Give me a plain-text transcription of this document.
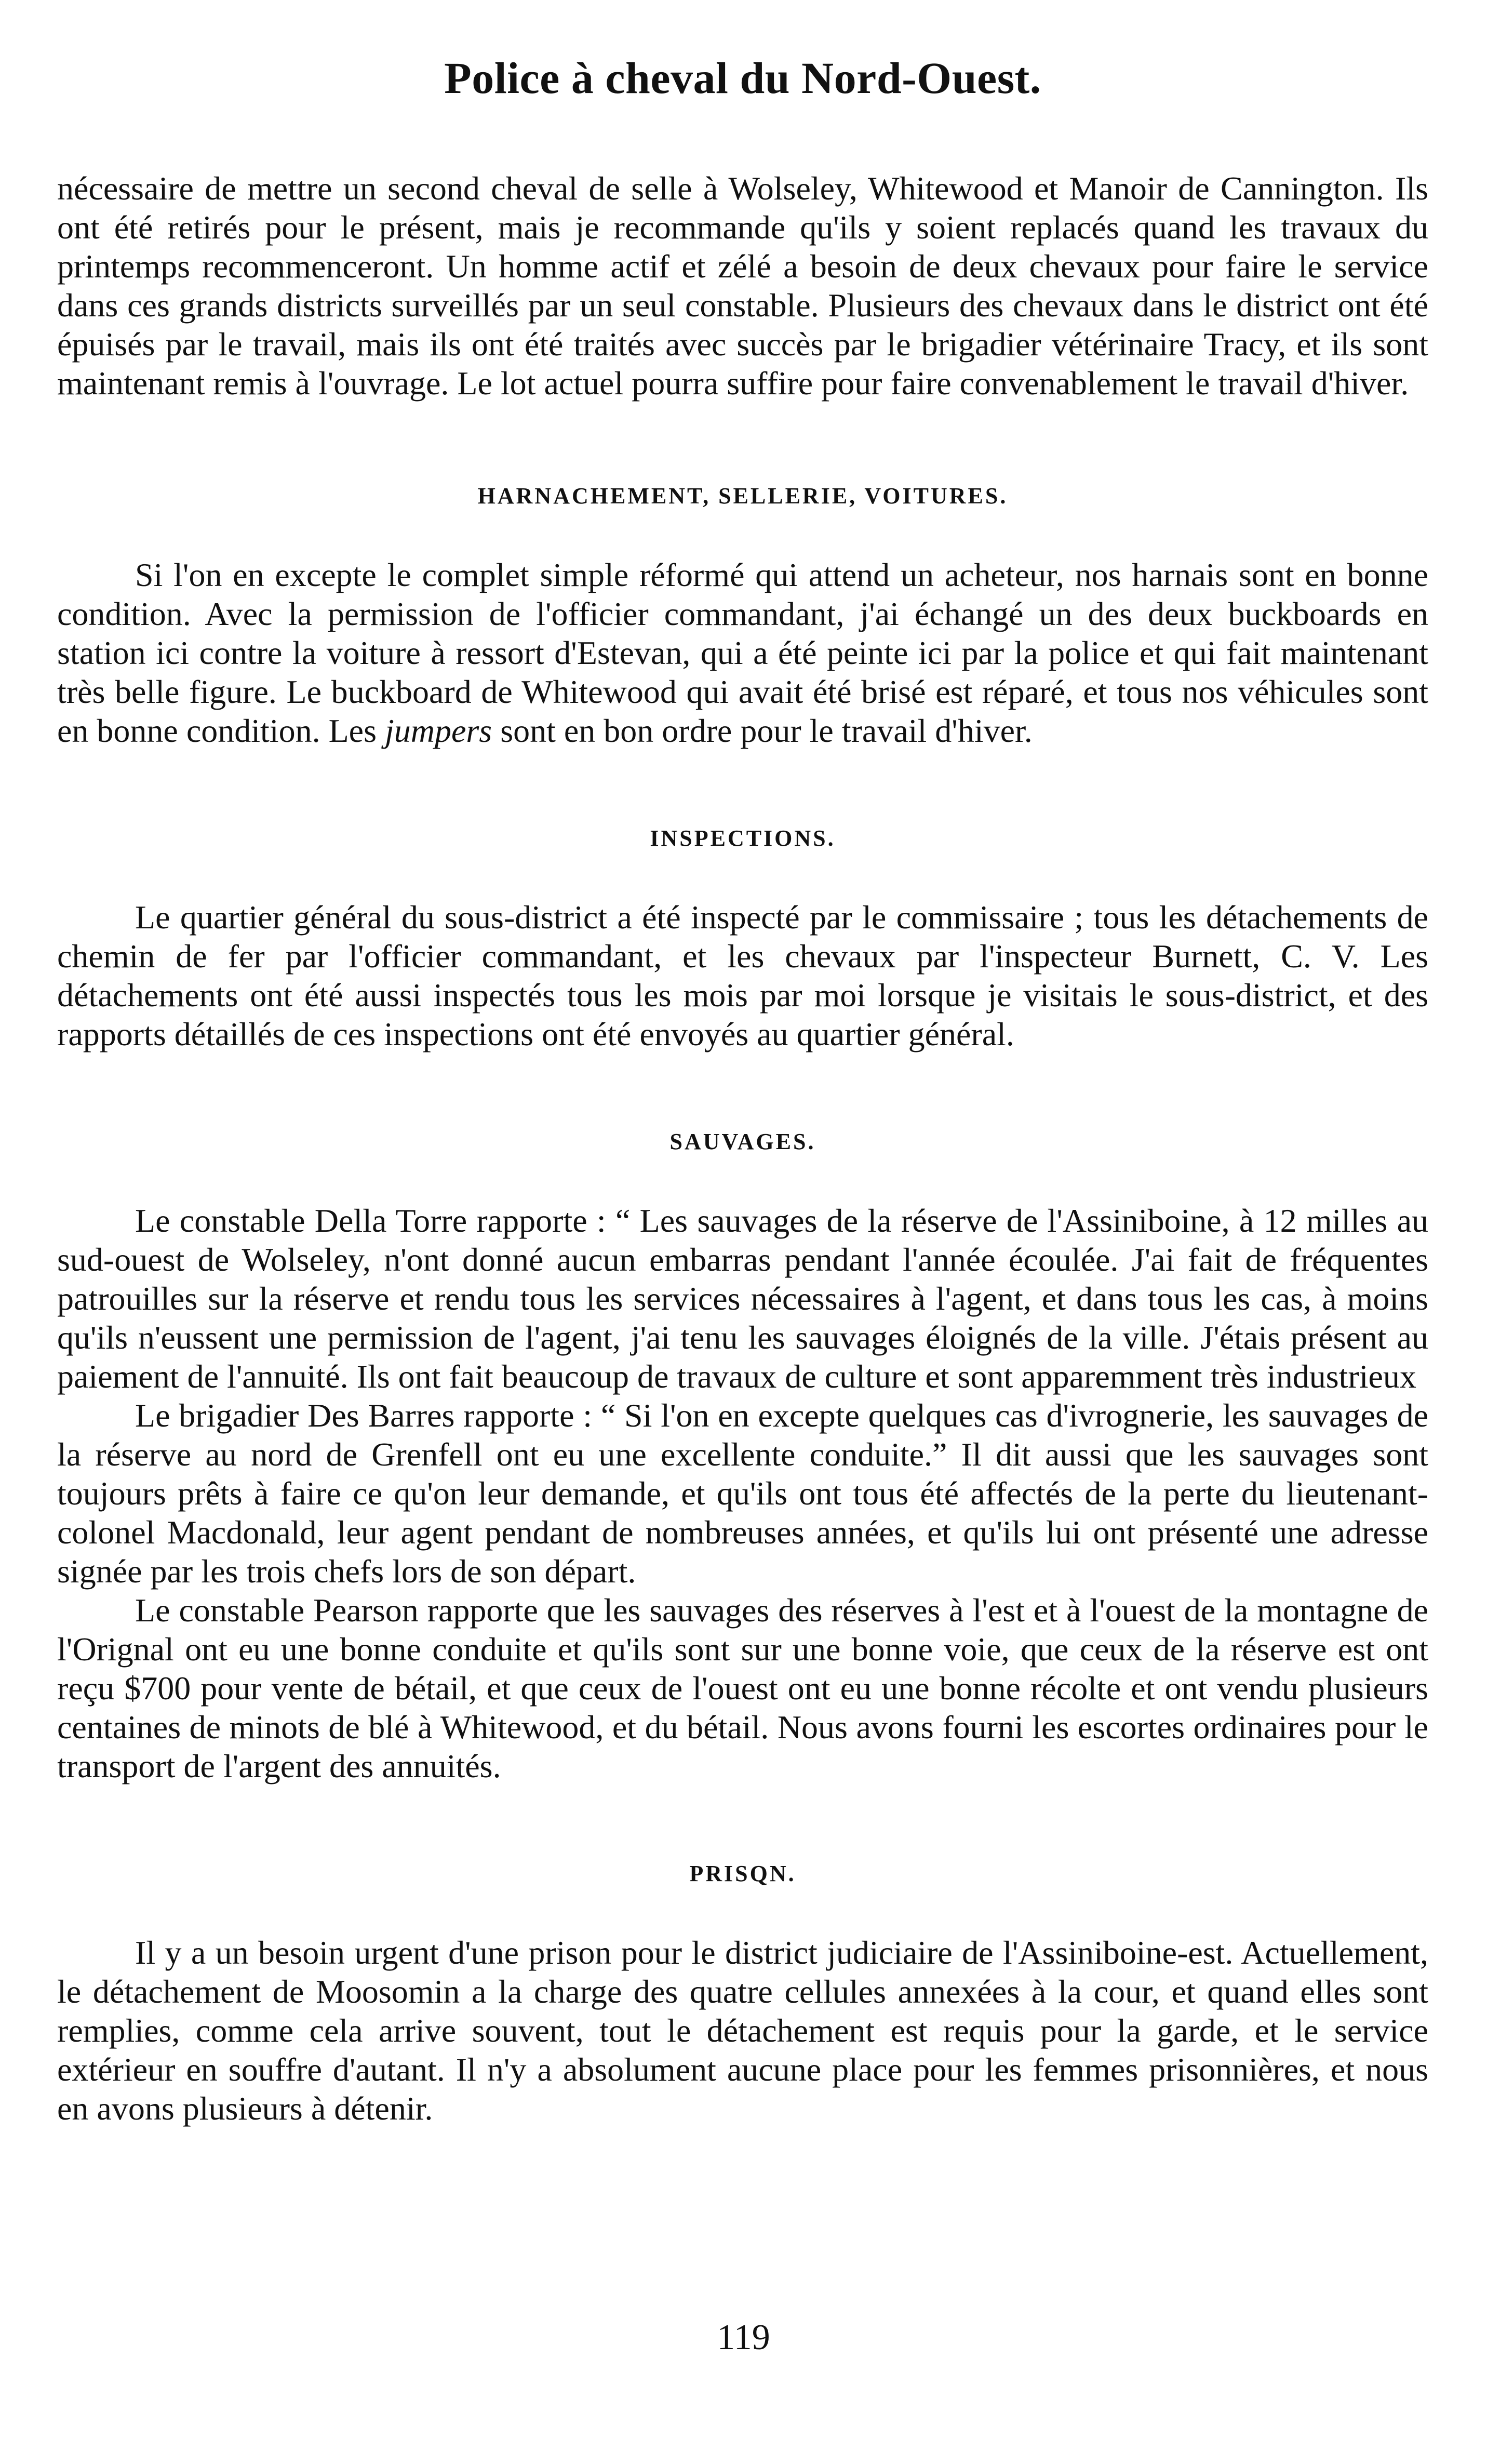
Police à cheval du Nord-Ouest.

nécessaire de mettre un second cheval de selle à Wolseley, Whitewood et Manoir de Cannington. Ils ont été retirés pour le présent, mais je recommande qu'ils y soient replacés quand les travaux du printemps recommenceront. Un homme actif et zélé a besoin de deux chevaux pour faire le service dans ces grands districts surveillés par un seul constable. Plusieurs des chevaux dans le district ont été épuisés par le travail, mais ils ont été traités avec succès par le brigadier vétérinaire Tracy, et ils sont maintenant remis à l'ouvrage. Le lot actuel pourra suffire pour faire convenablement le travail d'hiver.

HARNACHEMENT, SELLERIE, VOITURES.

Si l'on en excepte le complet simple réformé qui attend un acheteur, nos harnais sont en bonne condition. Avec la permission de l'officier commandant, j'ai échangé un des deux buckboards en station ici contre la voiture à ressort d'Estevan, qui a été peinte ici par la police et qui fait maintenant très belle figure. Le buckboard de Whitewood qui avait été brisé est réparé, et tous nos véhicules sont en bonne condition. Les jumpers sont en bon ordre pour le travail d'hiver.

INSPECTIONS.

Le quartier général du sous-district a été inspecté par le commissaire ; tous les détachements de chemin de fer par l'officier commandant, et les chevaux par l'inspecteur Burnett, C. V. Les détachements ont été aussi inspectés tous les mois par moi lorsque je visitais le sous-district, et des rapports détaillés de ces inspections ont été envoyés au quartier général.

SAUVAGES.

Le constable Della Torre rapporte : “ Les sauvages de la réserve de l'Assiniboine, à 12 milles au sud-ouest de Wolseley, n'ont donné aucun embarras pendant l'année écoulée. J'ai fait de fréquentes patrouilles sur la réserve et rendu tous les services nécessaires à l'agent, et dans tous les cas, à moins qu'ils n'eussent une permission de l'agent, j'ai tenu les sauvages éloignés de la ville. J'étais présent au paiement de l'annuité. Ils ont fait beaucoup de travaux de culture et sont apparemment très industrieux

Le brigadier Des Barres rapporte : “ Si l'on en excepte quelques cas d'ivrognerie, les sauvages de la réserve au nord de Grenfell ont eu une excellente conduite.” Il dit aussi que les sauvages sont toujours prêts à faire ce qu'on leur demande, et qu'ils ont tous été affectés de la perte du lieutenant-colonel Macdonald, leur agent pendant de nombreuses années, et qu'ils lui ont présenté une adresse signée par les trois chefs lors de son départ.

Le constable Pearson rapporte que les sauvages des réserves à l'est et à l'ouest de la montagne de l'Orignal ont eu une bonne conduite et qu'ils sont sur une bonne voie, que ceux de la réserve est ont reçu $700 pour vente de bétail, et que ceux de l'ouest ont eu une bonne récolte et ont vendu plusieurs centaines de minots de blé à Whitewood, et du bétail. Nous avons fourni les escortes ordinaires pour le transport de l'argent des annuités.

PRISQN.

Il y a un besoin urgent d'une prison pour le district judiciaire de l'Assiniboine-est. Actuellement, le détachement de Moosomin a la charge des quatre cellules annexées à la cour, et quand elles sont remplies, comme cela arrive souvent, tout le détachement est requis pour la garde, et le service extérieur en souffre d'autant. Il n'y a absolument aucune place pour les femmes prisonnières, et nous en avons plusieurs à détenir.

119
